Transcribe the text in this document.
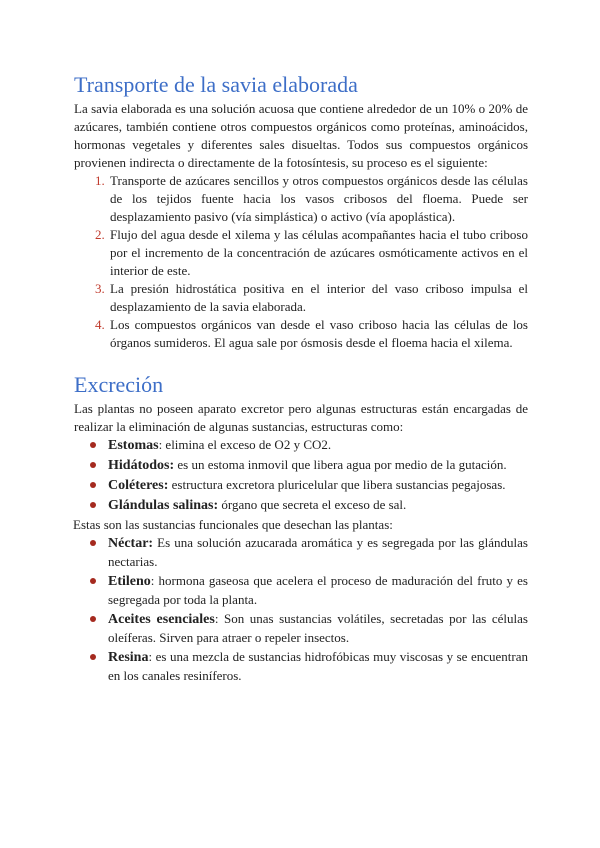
Transporte de la savia elaborada

La savia elaborada es una solución acuosa que contiene alrededor de un 10% o 20% de azúcares, también contiene otros compuestos orgánicos como proteínas, aminoácidos, hormonas vegetales y diferentes sales disueltas. Todos sus compuestos orgánicos provienen indirecta o directamente de la fotosíntesis, su proceso es el siguiente:

1. Transporte de azúcares sencillos y otros compuestos orgánicos desde las células de los tejidos fuente hacia los vasos cribosos del floema. Puede ser desplazamiento pasivo (vía simplástica) o activo (vía apoplástica).
2. Flujo del agua desde el xilema y las células acompañantes hacia el tubo criboso por el incremento de la concentración de azúcares osmóticamente activos en el interior de este.
3. La presión hidrostática positiva en el interior del vaso criboso impulsa el desplazamiento de la savia elaborada.
4. Los compuestos orgánicos van desde el vaso criboso hacia las células de los órganos sumideros. El agua sale por ósmosis desde el floema hacia el xilema.
Excreción

Las plantas no poseen aparato excretor pero algunas estructuras están encargadas de realizar la eliminación de algunas sustancias, estructuras como:

Estomas: elimina el exceso de O2 y CO2.
Hidátodos: es un estoma inmovil que libera agua por medio de la gutación.
Coléteres: estructura excretora pluricelular que libera sustancias pegajosas.
Glándulas salinas: órgano que secreta el exceso de sal.

Estas son las sustancias funcionales que desechan las plantas:

Néctar: Es una solución azucarada aromática y es segregada por las glándulas nectarias.
Etileno: hormona gaseosa que acelera el proceso de maduración del fruto y es segregada por toda la planta.
Aceites esenciales: Son unas sustancias volátiles, secretadas por las células oleíferas. Sirven para atraer o repeler insectos.
Resina: es una mezcla de sustancias hidrofóbicas muy viscosas y se encuentran en los canales resiníferos.
